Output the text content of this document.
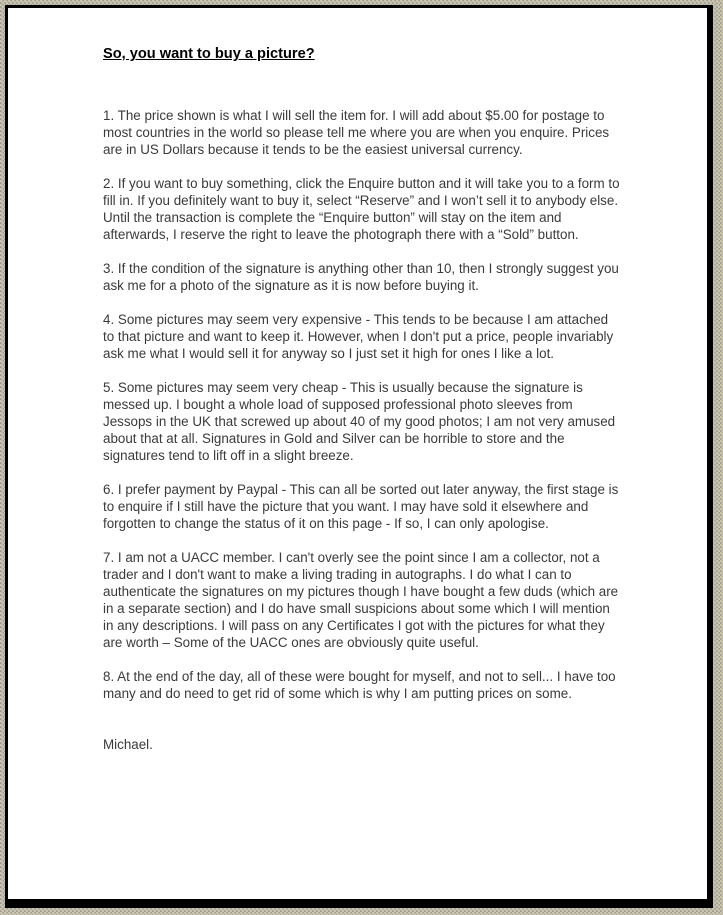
So, you want to buy a picture?

1. The price shown is what I will sell the item for. I will add about $5.00 for postage to most countries in the world so please tell me where you are when you enquire. Prices are in US Dollars because it tends to be the easiest universal currency.

2. If you want to buy something, click the Enquire button and it will take you to a form to fill in. If you definitely want to buy it, select “Reserve” and I won’t sell it to anybody else. Until the transaction is complete the “Enquire button” will stay on the item and afterwards, I reserve the right to leave the photograph there with a “Sold” button.

3. If the condition of the signature is anything other than 10, then I strongly suggest you ask me for a photo of the signature as it is now before buying it.

4. Some pictures may seem very expensive - This tends to be because I am attached to that picture and want to keep it. However, when I don't put a price, people invariably ask me what I would sell it for anyway so I just set it high for ones I like a lot.

5. Some pictures may seem very cheap - This is usually because the signature is messed up. I bought a whole load of supposed professional photo sleeves from Jessops in the UK that screwed up about 40 of my good photos; I am not very amused about that at all. Signatures in Gold and Silver can be horrible to store and the signatures tend to lift off in a slight breeze.

6. I prefer payment by Paypal - This can all be sorted out later anyway, the first stage is to enquire if I still have the picture that you want. I may have sold it elsewhere and forgotten to change the status of it on this page - If so, I can only apologise.

7. I am not a UACC member. I can't overly see the point since I am a collector, not a trader and I don't want to make a living trading in autographs. I do what I can to authenticate the signatures on my pictures though I have bought a few duds (which are in a separate section) and I do have small suspicions about some which I will mention in any descriptions. I will pass on any Certificates I got with the pictures for what they are worth – Some of the UACC ones are obviously quite useful.

8. At the end of the day, all of these were bought for myself, and not to sell... I have too many and do need to get rid of some which is why I am putting prices on some.

Michael.
